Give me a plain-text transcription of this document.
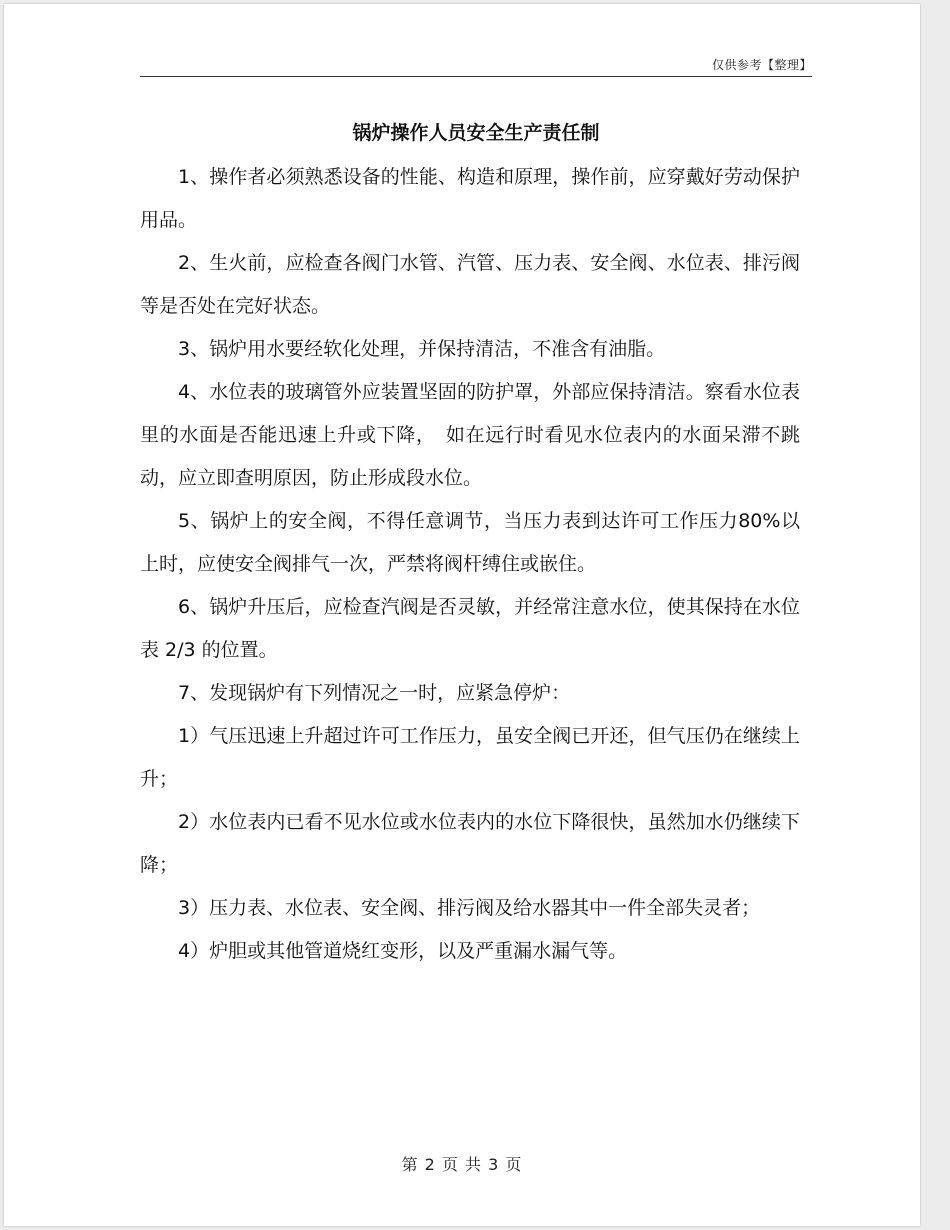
仅供参考【整理】
锅炉操作人员安全生产责任制

1、操作者必须熟悉设备的性能、构造和原理，操作前，应穿戴好劳动保护用品。

2、生火前，应检查各阀门水管、汽管、压力表、安全阀、水位表、排污阀等是否处在完好状态。

3、锅炉用水要经软化处理，并保持清洁，不准含有油脂。

4、水位表的玻璃管外应装置坚固的防护罩，外部应保持清洁。察看水位表里的水面是否能迅速上升或下降，　如在远行时看见水位表内的水面呆滞不跳动，应立即查明原因，防止形成段水位。

5、锅炉上的安全阀，不得任意调节，当压力表到达许可工作压力80%以上时，应使安全阀排气一次，严禁将阀杆缚住或嵌住。

6、锅炉升压后，应检查汽阀是否灵敏，并经常注意水位，使其保持在水位表 2/3 的位置。

7、发现锅炉有下列情况之一时，应紧急停炉：

1）气压迅速上升超过许可工作压力，虽安全阀已开还，但气压仍在继续上升；

2）水位表内已看不见水位或水位表内的水位下降很快，虽然加水仍继续下降；

3）压力表、水位表、安全阀、排污阀及给水器其中一件全部失灵者；

4）炉胆或其他管道烧红变形，以及严重漏水漏气等。

第 2 页 共 3 页
